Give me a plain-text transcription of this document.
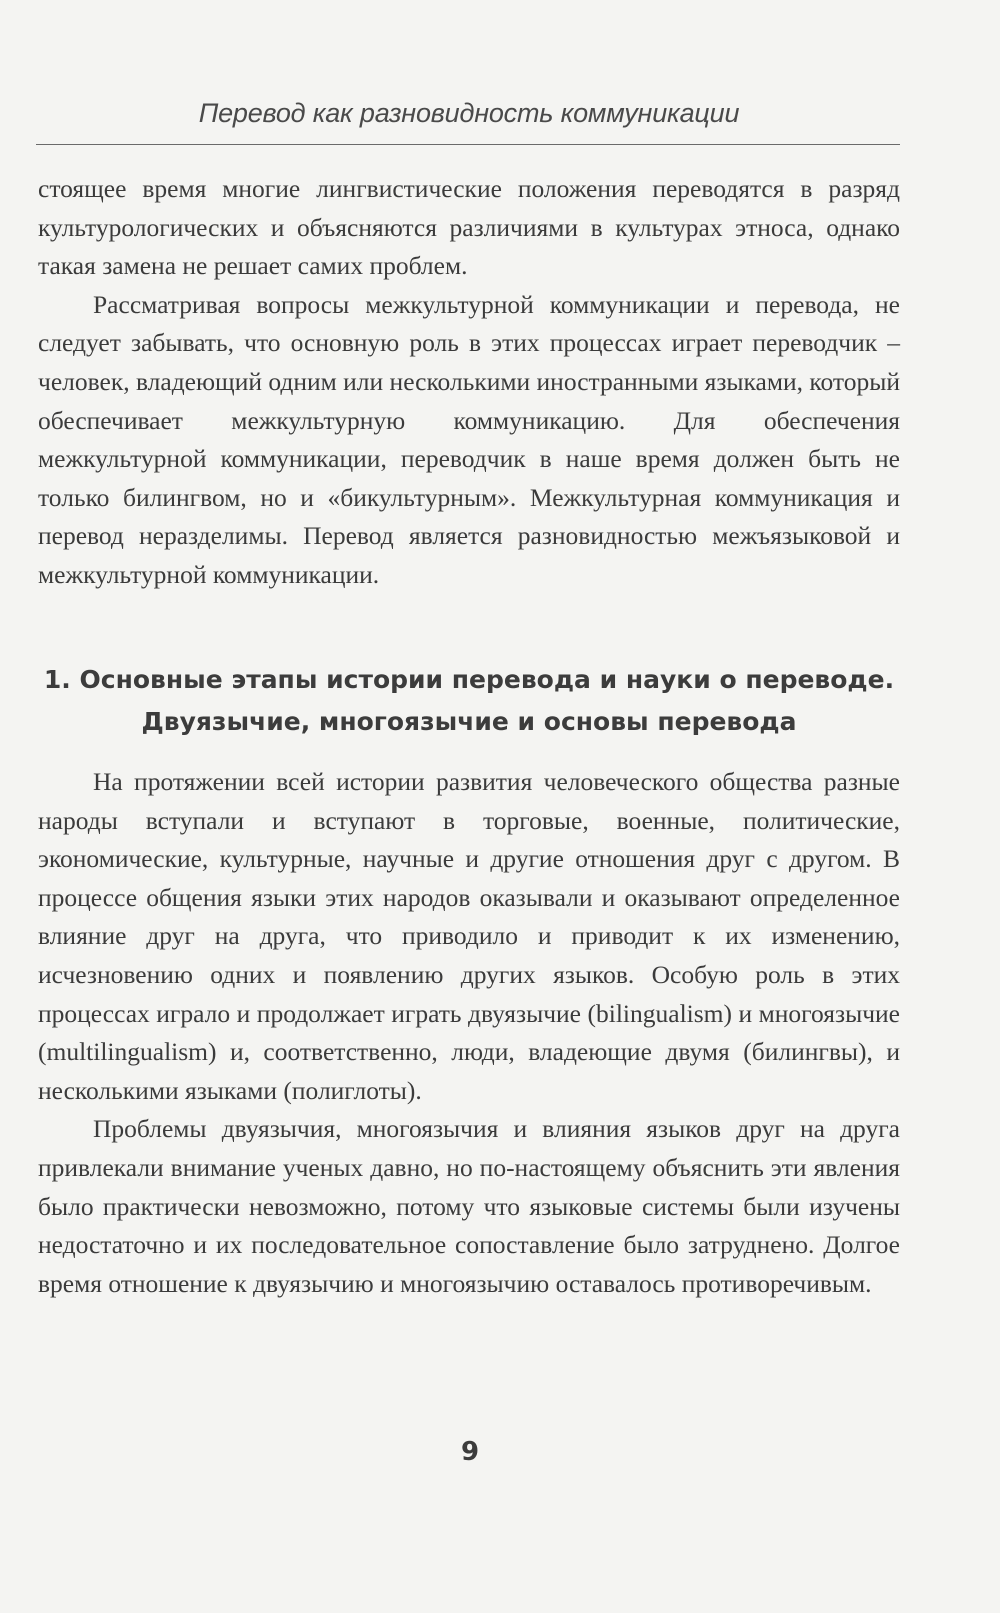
Перевод как разновидность коммуникации

стоящее время многие лингвистические положения переводятся в разряд культурологических и объясняются различиями в культурах этноса, однако такая замена не решает самих проблем.

Рассматривая вопросы межкультурной коммуникации и перевода, не следует забывать, что основную роль в этих процессах играет переводчик – человек, владеющий одним или несколькими иностранными языками, который обеспечивает межкультурную коммуникацию. Для обеспечения межкультурной коммуникации, переводчик в наше время должен быть не только билингвом, но и «бикультурным». Межкультурная коммуникация и перевод неразделимы. Перевод является разновидностью межъязыковой и межкультурной коммуникации.

1. Основные этапы истории перевода и науки о переводе.
Двуязычие, многоязычие и основы перевода

На протяжении всей истории развития человеческого общества разные народы вступали и вступают в торговые, военные, политические, экономические, культурные, научные и другие отношения друг с другом. В процессе общения языки этих народов оказывали и оказывают определенное влияние друг на друга, что приводило и приводит к их изменению, исчезновению одних и появлению других языков. Особую роль в этих процессах играло и продолжает играть двуязычие (bilingualism) и многоязычие (multilingualism) и, соответственно, люди, владеющие двумя (билингвы), и несколькими языками (полиглоты).

Проблемы двуязычия, многоязычия и влияния языков друг на друга привлекали внимание ученых давно, но по-настоящему объяснить эти явления было практически невозможно, потому что языковые системы были изучены недостаточно и их последовательное сопоставление было затруднено. Долгое время отношение к двуязычию и многоязычию оставалось противоречивым.

9
